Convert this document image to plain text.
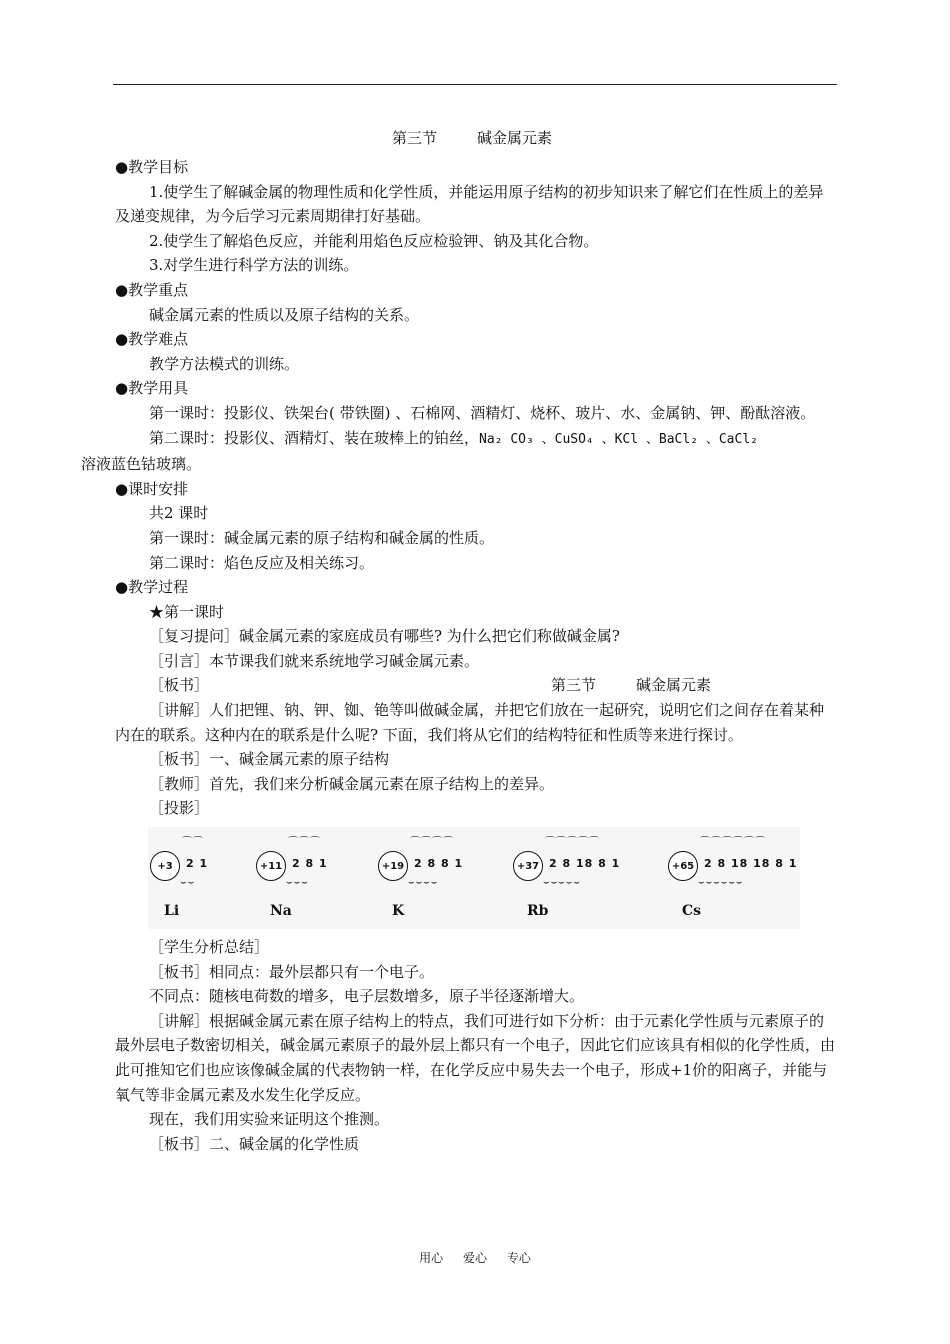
第三节	碱金属元素
●教学目标
1.使学生了解碱金属的物理性质和化学性质，并能运用原子结构的初步知识来了解它们在性质上的差异及递变规律，为今后学习元素周期律打好基础。
2.使学生了解焰色反应，并能利用焰色反应检验钾、钠及其化合物。
3.对学生进行科学方法的训练。
●教学重点
碱金属元素的性质以及原子结构的关系。
●教学难点
教学方法模式的训练。
●教学用具
第一课时：投影仪、铁架台( 带铁圈) 、石棉网、酒精灯、烧杯、玻片、水、金属钠、钾、酚酞溶液。
第二课时：投影仪、酒精灯、装在玻棒上的铂丝，Na₂ CO₃ 、CuSO₄ 、KCl 、BaCl₂ 、CaCl₂
溶液蓝色钴玻璃。
●课时安排
共2 课时
第一课时：碱金属元素的原子结构和碱金属的性质。
第二课时：焰色反应及相关练习。
●教学过程
★第一课时
［复习提问］碱金属元素的家庭成员有哪些? 为什么把它们称做碱金属?
［引言］本节课我们就来系统地学习碱金属元素。
［板书］	第三节	碱金属元素
［讲解］人们把锂、钠、钾、铷、铯等叫做碱金属，并把它们放在一起研究，说明它们之间存在着某种内在的联系。这种内在的联系是什么呢? 下面，我们将从它们的结构特征和性质等来进行探讨。
［板书］一、碱金属元素的原子结构
［教师］首先，我们来分析碱金属元素在原子结构上的差异。
［投影］
+3
⌒⌒
2 1
⌣⌣
Li
+11
⌒⌒⌒
2 8 1
⌣⌣⌣
Na
+19
⌒⌒⌒⌒
2 8 8 1
⌣⌣⌣⌣
K
+37
⌒⌒⌒⌒⌒
2 8 18 8 1
⌣⌣⌣⌣⌣
Rb
+65
⌒⌒⌒⌒⌒⌒
2 8 18 18 8 1
⌣⌣⌣⌣⌣⌣
Cs
［学生分析总结］
［板书］相同点：最外层都只有一个电子。
不同点：随核电荷数的增多，电子层数增多，原子半径逐渐增大。
［讲解］根据碱金属元素在原子结构上的特点，我们可进行如下分析：由于元素化学性质与元素原子的最外层电子数密切相关，碱金属元素原子的最外层上都只有一个电子，因此它们应该具有相似的化学性质，由此可推知它们也应该像碱金属的代表物钠一样，在化学反应中易失去一个电子，形成+1价的阳离子，并能与氧气等非金属元素及水发生化学反应。
现在，我们用实验来证明这个推测。
［板书］二、碱金属的化学性质
用心 爱心 专心
